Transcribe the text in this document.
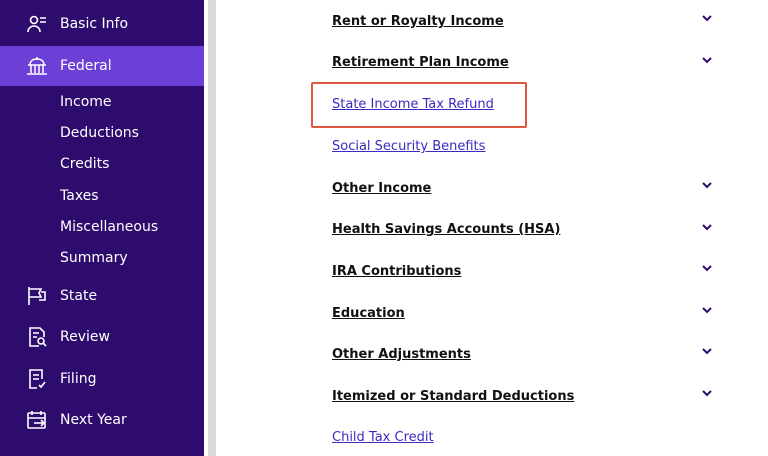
Basic Info
Federal
Income
Deductions
Credits
Taxes
Miscellaneous
Summary
State
Review
Filing
Next Year
Rent or Royalty Income
Retirement Plan Income
State Income Tax Refund
Social Security Benefits
Other Income
Health Savings Accounts (HSA)
IRA Contributions
Education
Other Adjustments
Itemized or Standard Deductions
Child Tax Credit
